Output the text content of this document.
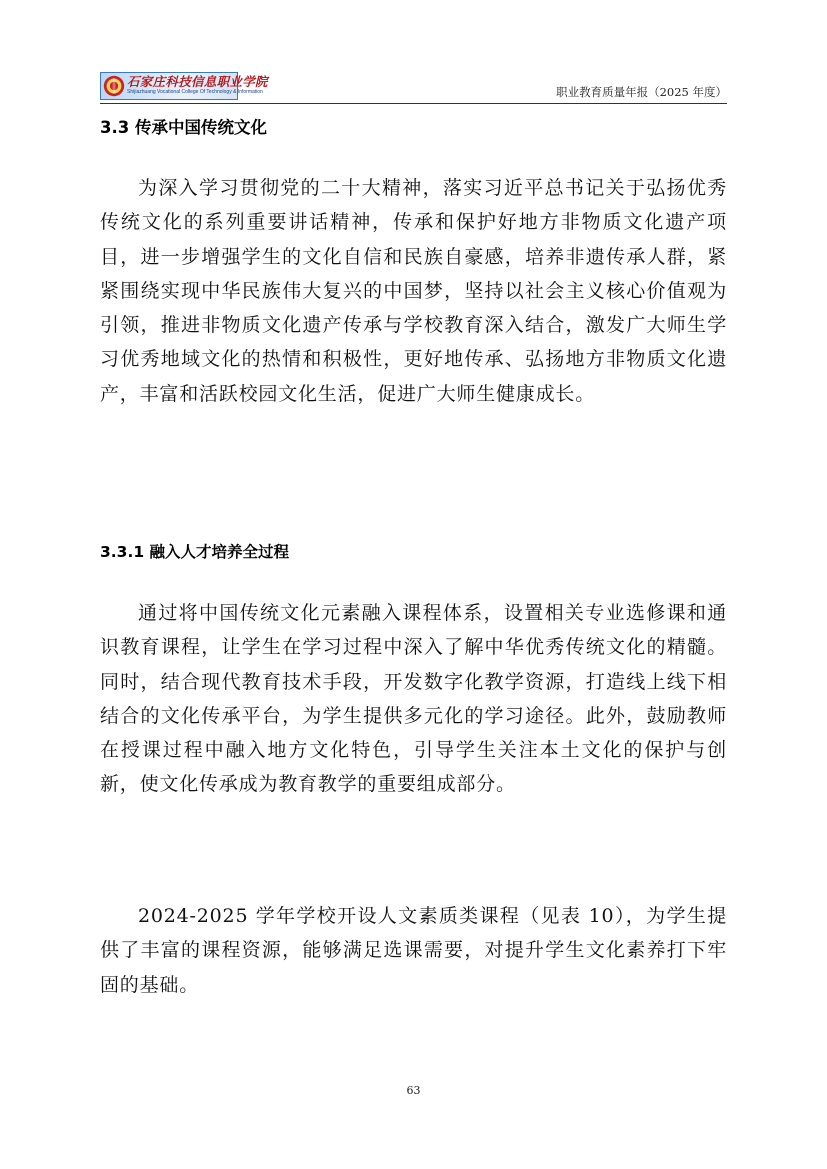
石家庄科技信息职业学院
Shijiazhuang Vocational College Of Technology & Information	职业教育质量年报（2025 年度）
3.3 传承中国传统文化

为深入学习贯彻党的二十大精神，落实习近平总书记关于弘扬优秀传统文化的系列重要讲话精神，传承和保护好地方非物质文化遗产项目，进一步增强学生的文化自信和民族自豪感，培养非遗传承人群，紧紧围绕实现中华民族伟大复兴的中国梦，坚持以社会主义核心价值观为引领，推进非物质文化遗产传承与学校教育深入结合，激发广大师生学习优秀地域文化的热情和积极性，更好地传承、弘扬地方非物质文化遗产，丰富和活跃校园文化生活，促进广大师生健康成长。

3.3.1 融入人才培养全过程

通过将中国传统文化元素融入课程体系，设置相关专业选修课和通识教育课程，让学生在学习过程中深入了解中华优秀传统文化的精髓。同时，结合现代教育技术手段，开发数字化教学资源，打造线上线下相结合的文化传承平台，为学生提供多元化的学习途径。此外，鼓励教师在授课过程中融入地方文化特色，引导学生关注本土文化的保护与创新，使文化传承成为教育教学的重要组成部分。

2024-2025 学年学校开设人文素质类课程（见表 10），为学生提供了丰富的课程资源，能够满足选课需要，对提升学生文化素养打下牢固的基础。

63
